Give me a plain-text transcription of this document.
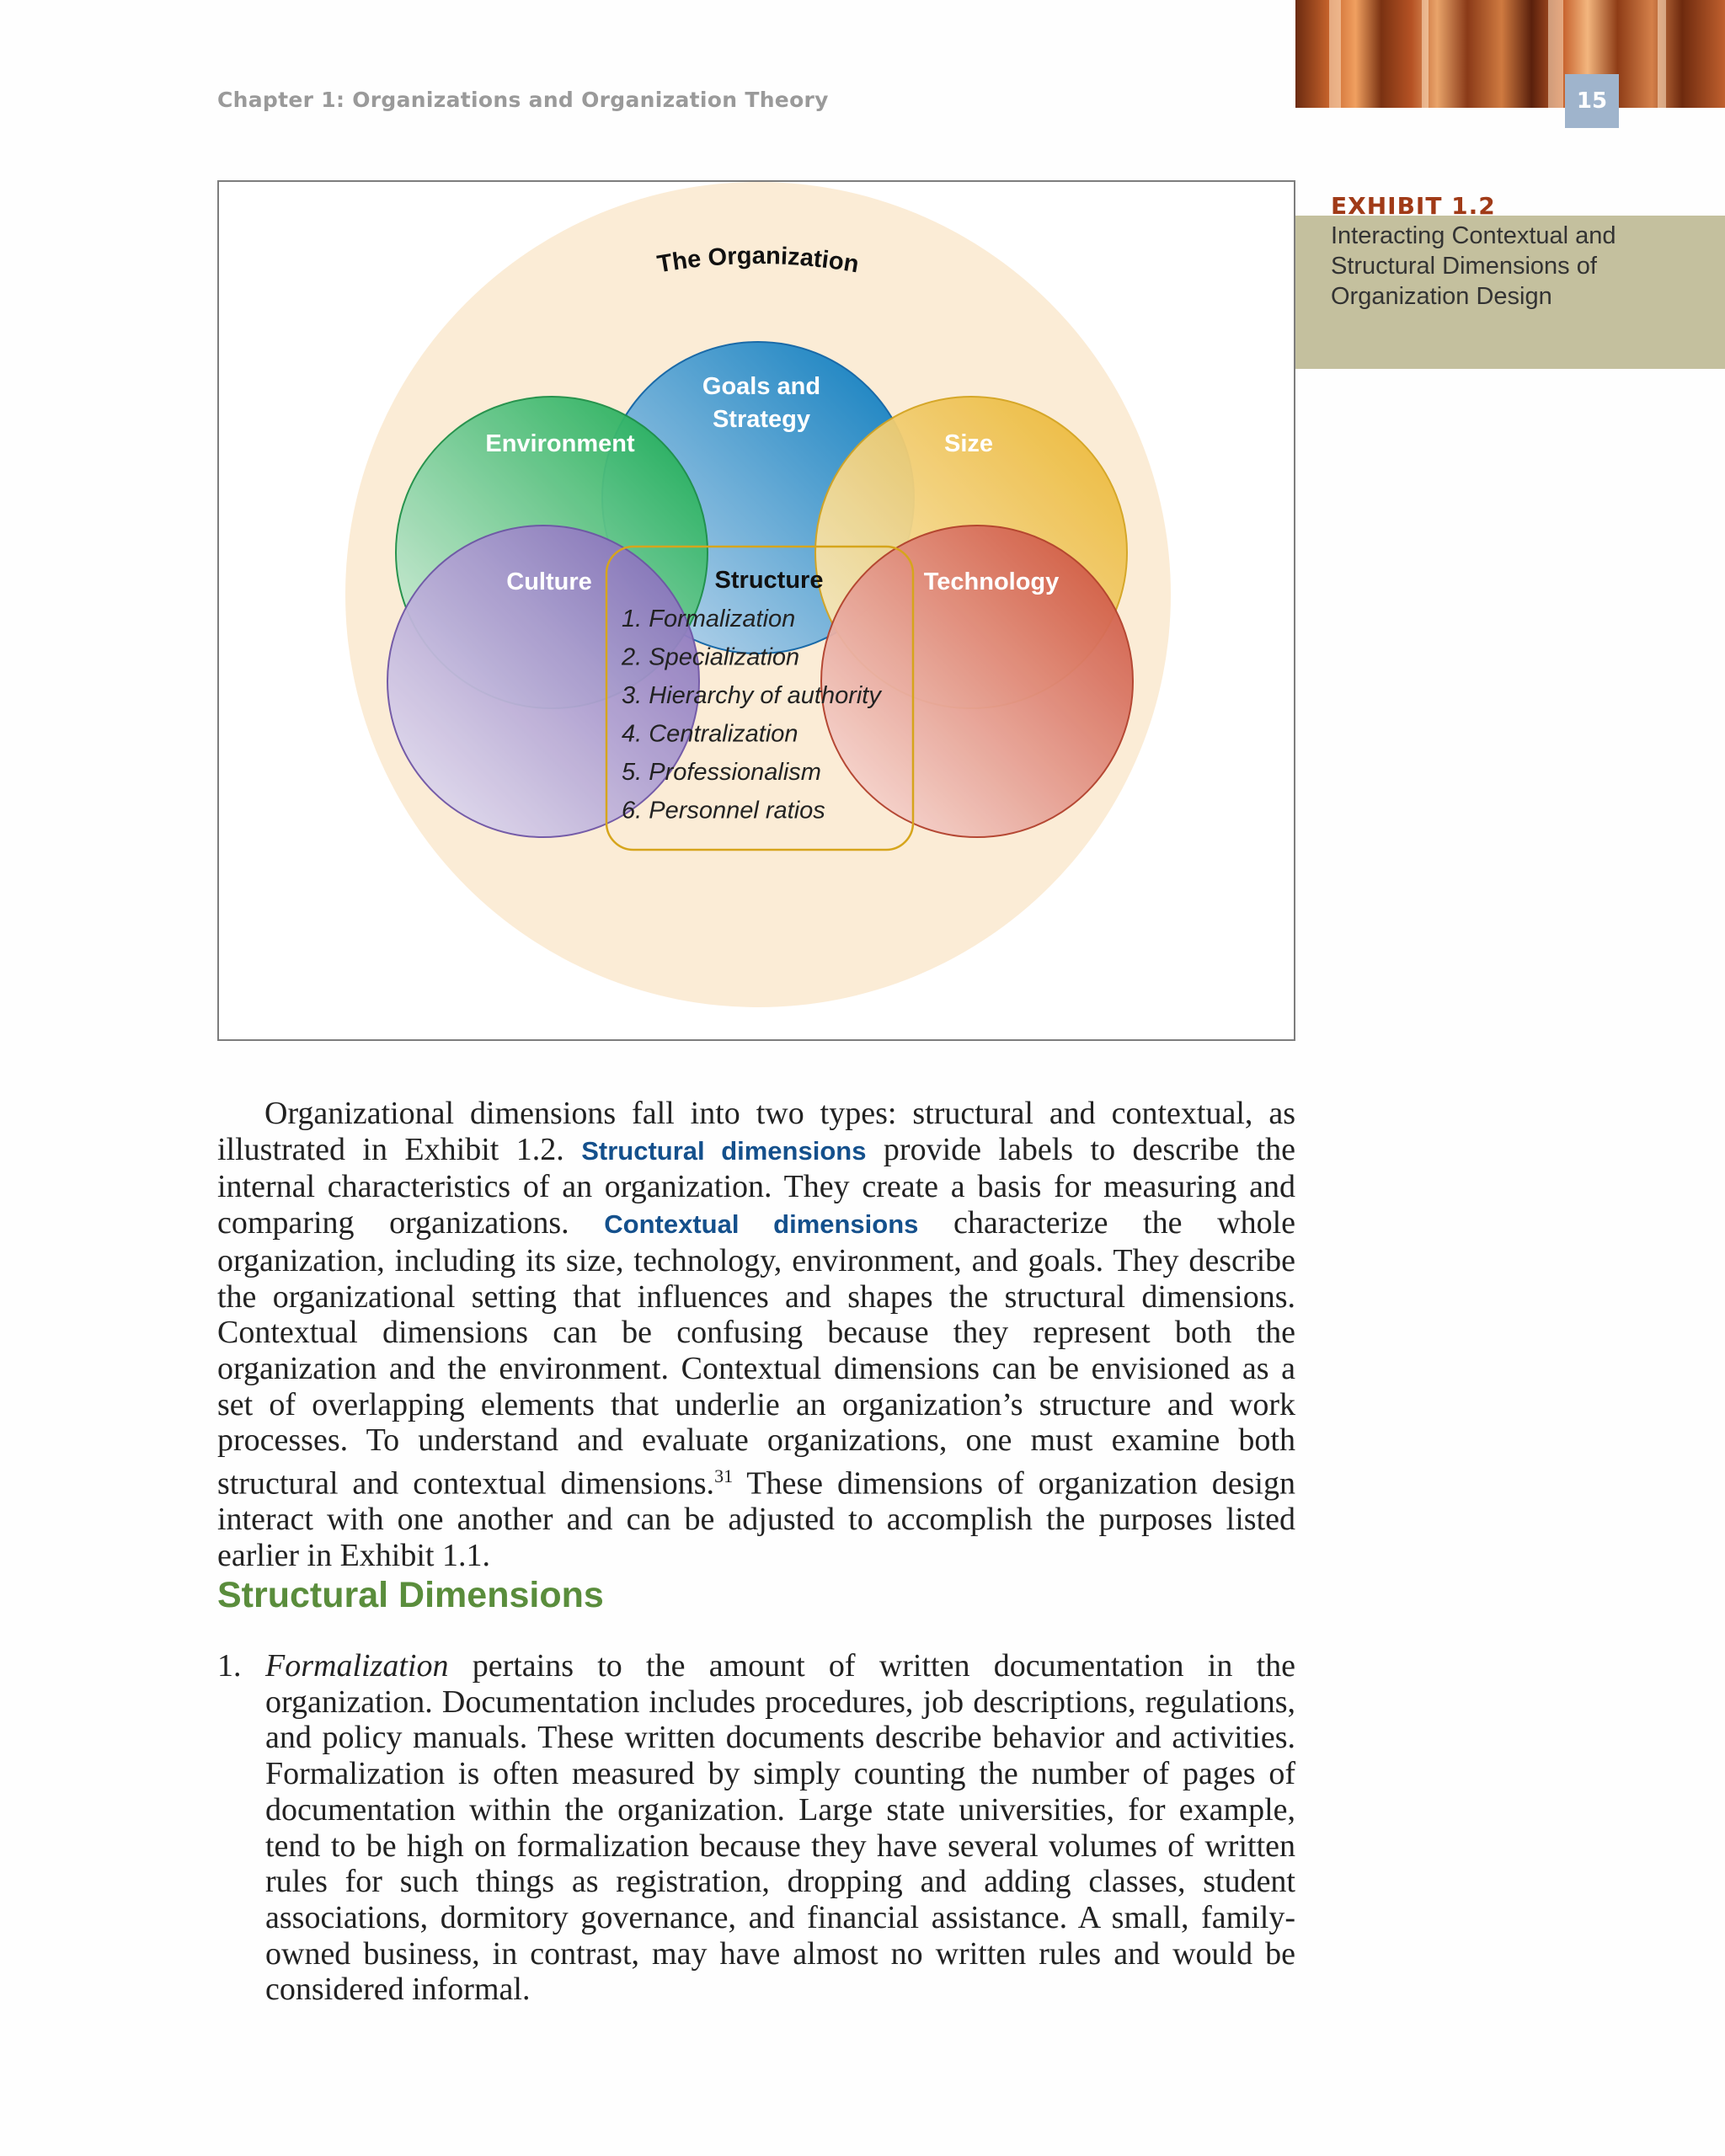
Chapter 1: Organizations and Organization Theory	15
EXHIBIT 1.2
Interacting Contextual and Structural Dimensions of Organization Design
The Organization
Goals and
Strategy
Environment	Size
Culture	Technology
Structure
1. Formalization
2. Specialization
3. Hierarchy of authority
4. Centralization
5. Professionalism
6. Personnel ratios

Organizational dimensions fall into two types: structural and contextual, as illustrated in Exhibit 1.2. Structural dimensions provide labels to describe the internal characteristics of an organization. They create a basis for measuring and comparing organizations. Contextual dimensions characterize the whole organization, including its size, technology, environment, and goals. They describe the organizational setting that influences and shapes the structural dimensions. Contextual dimensions can be confusing because they represent both the organization and the environment. Contextual dimensions can be envisioned as a set of overlapping elements that underlie an organization’s structure and work processes. To understand and evaluate organizations, one must examine both structural and contextual dimensions.$^{31}$ These dimensions of organization design interact with one another and can be adjusted to accomplish the purposes listed earlier in Exhibit 1.1.

Structural Dimensions
1. Formalization pertains to the amount of written documentation in the organization. Documentation includes procedures, job descriptions, regulations, and policy manuals. These written documents describe behavior and activities. Formalization is often measured by simply counting the number of pages of documentation within the organization. Large state universities, for example, tend to be high on formalization because they have several volumes of written rules for such things as registration, dropping and adding classes, student associations, dormitory governance, and financial assistance. A small, family-owned business, in contrast, may have almost no written rules and would be considered informal.
